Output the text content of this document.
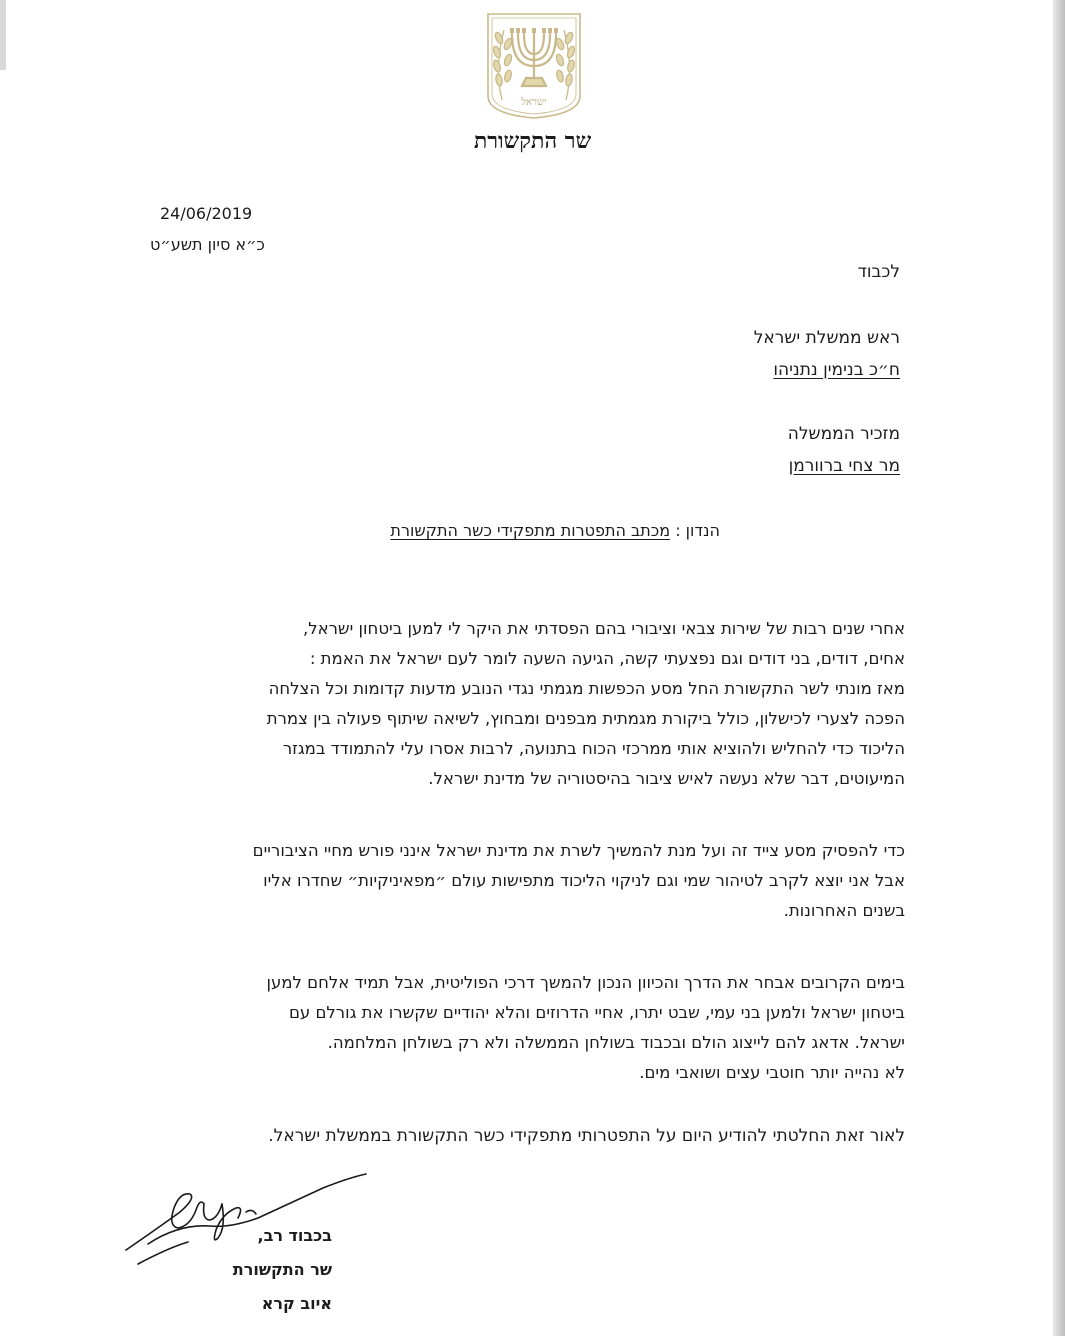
ישראל
שר התקשורת
24/06/2019
כ״א סיון תשע״ט
לכבוד
ראש ממשלת ישראל
ח״כ בנימין נתניהו
מזכיר הממשלה
מר צחי ברוורמן
הנדון : מכתב התפטרות מתפקידי כשר התקשורת
אחרי שנים רבות של שירות צבאי וציבורי בהם הפסדתי את היקר לי למען ביטחון ישראל,
אחים, דודים, בני דודים וגם נפצעתי קשה, הגיעה השעה לומר לעם ישראל את האמת :
מאז מונתי לשר התקשורת החל מסע הכפשות מגמתי נגדי הנובע מדעות קדומות וכל הצלחה
הפכה לצערי לכישלון, כולל ביקורת מגמתית מבפנים ומבחוץ, לשיאה שיתוף פעולה בין צמרת
הליכוד כדי להחליש ולהוציא אותי ממרכזי הכוח בתנועה, לרבות אסרו עלי להתמודד במגזר
המיעוטים, דבר שלא נעשה לאיש ציבור בהיסטוריה של מדינת ישראל.
כדי להפסיק מסע צייד זה ועל מנת להמשיך לשרת את מדינת ישראל אינני פורש מחיי הציבוריים
אבל אני יוצא לקרב לטיהור שמי וגם לניקוי הליכוד מתפישות עולם ״מפאיניקיות״ שחדרו אליו
בשנים האחרונות.
בימים הקרובים אבחר את הדרך והכיוון הנכון להמשך דרכי הפוליטית, אבל תמיד אלחם למען
ביטחון ישראל ולמען בני עמי, שבט יתרו, אחיי הדרוזים והלא יהודיים שקשרו את גורלם עם
ישראל. אדאג להם לייצוג הולם ובכבוד בשולחן הממשלה ולא רק בשולחן המלחמה.
לא נהייה יותר חוטבי עצים ושואבי מים.
לאור זאת החלטתי להודיע היום על התפטרותי מתפקידי כשר התקשורת בממשלת ישראל.
בכבוד רב,
שר התקשורת
איוב קרא
